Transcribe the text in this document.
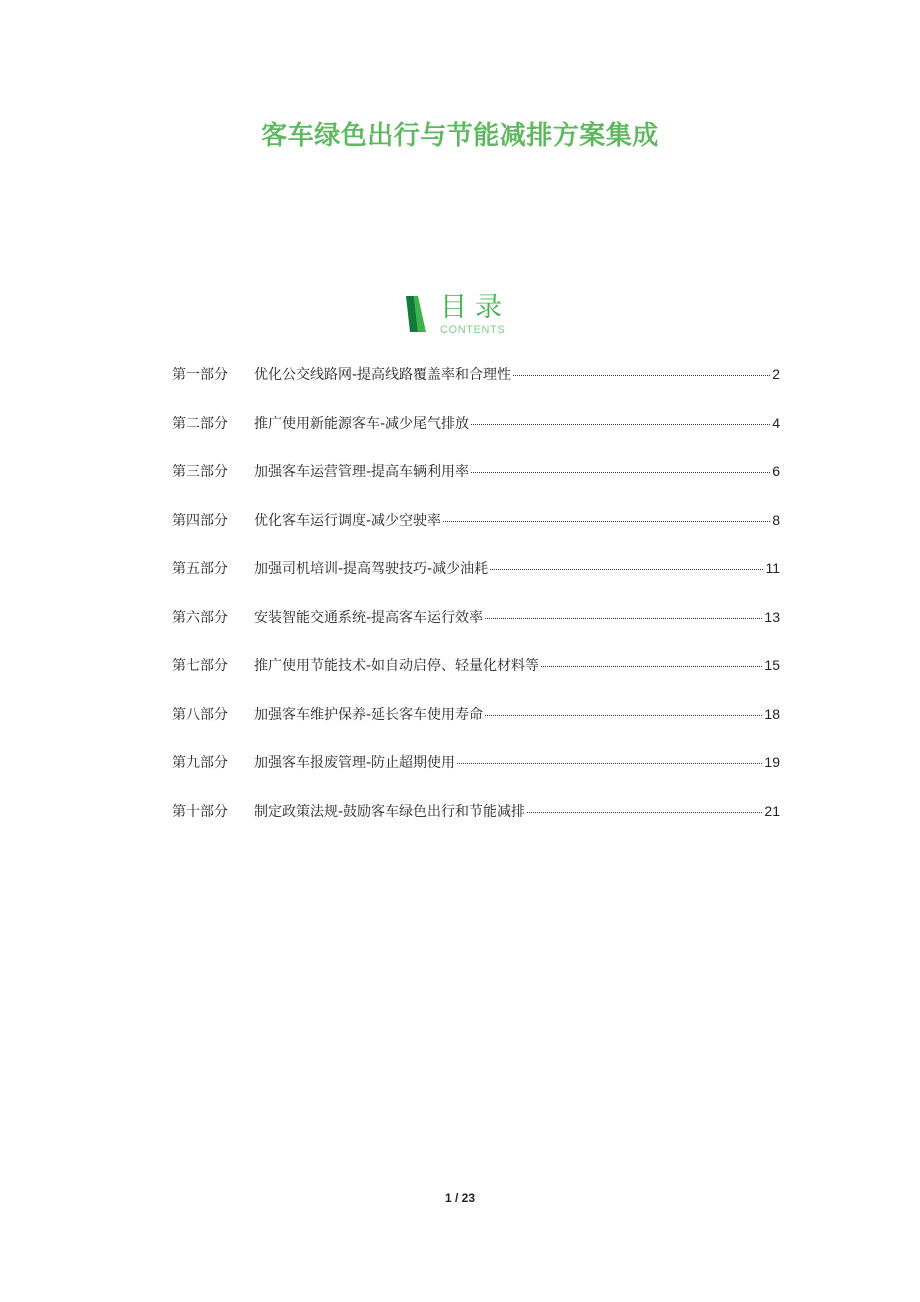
客车绿色出行与节能减排方案集成
目录
CONTENTS
第一部分	优化公交线路网-提高线路覆盖率和合理性	2
第二部分	推广使用新能源客车-减少尾气排放	4
第三部分	加强客车运营管理-提高车辆利用率	6
第四部分	优化客车运行调度-减少空驶率	8
第五部分	加强司机培训-提高驾驶技巧-减少油耗	11
第六部分	安装智能交通系统-提高客车运行效率	13
第七部分	推广使用节能技术-如自动启停、轻量化材料等	15
第八部分	加强客车维护保养-延长客车使用寿命	18
第九部分	加强客车报废管理-防止超期使用	19
第十部分	制定政策法规-鼓励客车绿色出行和节能减排	21
1 / 23
